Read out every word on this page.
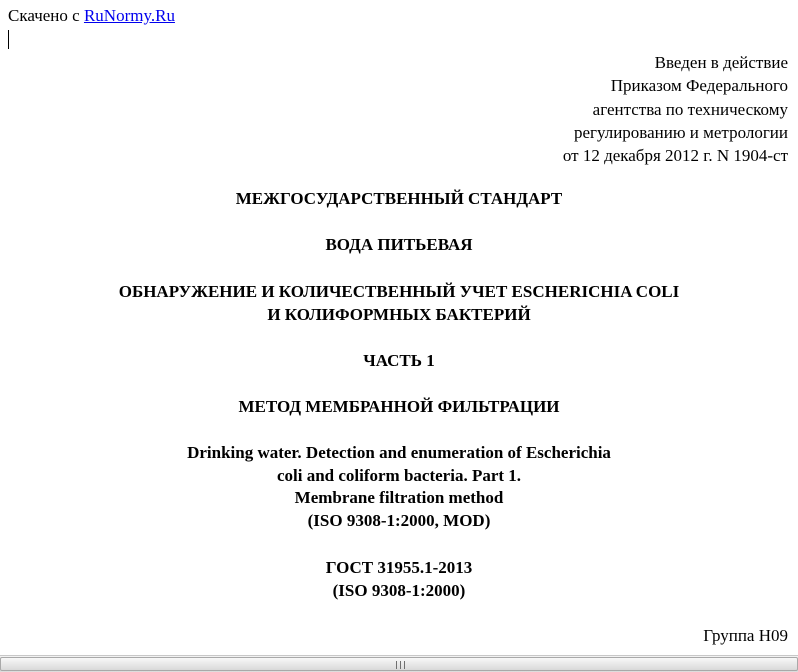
Скачено с RuNormy.Ru
Введен в действие
Приказом Федерального
агентства по техническому
регулированию и метрологии
от 12 декабря 2012 г. N 1904-ст
МЕЖГОСУДАРСТВЕННЫЙ СТАНДАРТ
ВОДА ПИТЬЕВАЯ
ОБНАРУЖЕНИЕ И КОЛИЧЕСТВЕННЫЙ УЧЕТ ESCHERICHIA COLI
И КОЛИФОРМНЫХ БАКТЕРИЙ
ЧАСТЬ 1
МЕТОД МЕМБРАННОЙ ФИЛЬТРАЦИИ
Drinking water. Detection and enumeration of Escherichia
coli and coliform bacteria. Part 1.
Membrane filtration method
(ISO 9308-1:2000, MOD)
ГОСТ 31955.1-2013
(ISO 9308-1:2000)
Группа Н09
